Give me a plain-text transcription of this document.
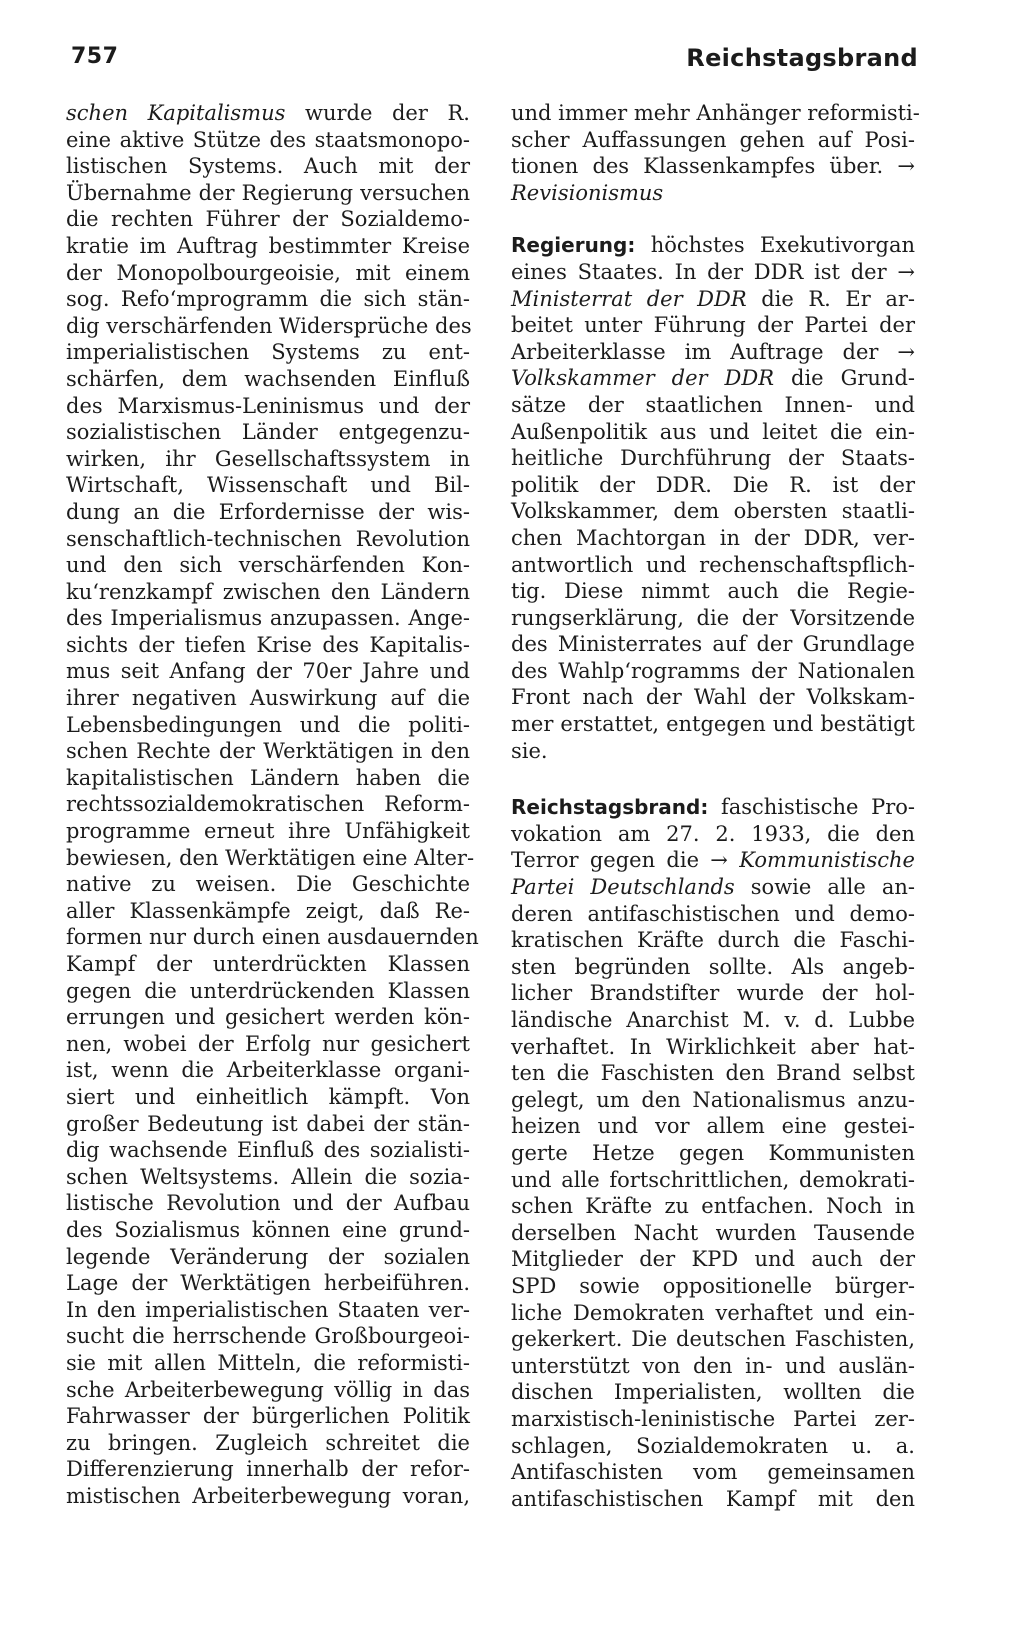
757	Reichstagsbrand
schen Kapitalismus wurde der R.
eine aktive Stütze des staatsmonopo-
listischen Systems. Auch mit der
Übernahme der Regierung versuchen
die rechten Führer der Sozialdemo-
kratie im Auftrag bestimmter Kreise
der Monopolbourgeoisie, mit einem
sog. Refoʻmprogramm die sich stän-
dig verschärfenden Widersprüche des
imperialistischen Systems zu ent-
schärfen, dem wachsenden Einfluß
des Marxismus-Leninismus und der
sozialistischen Länder entgegenzu-
wirken, ihr Gesellschaftssystem in
Wirtschaft, Wissenschaft und Bil-
dung an die Erfordernisse der wis-
senschaftlich-technischen Revolution
und den sich verschärfenden Kon-
kuʻrenzkampf zwischen den Ländern
des Imperialismus anzupassen. Ange-
sichts der tiefen Krise des Kapitalis-
mus seit Anfang der 70er Jahre und
ihrer negativen Auswirkung auf die
Lebensbedingungen und die politi-
schen Rechte der Werktätigen in den
kapitalistischen Ländern haben die
rechtssozialdemokratischen Reform-
programme erneut ihre Unfähigkeit
bewiesen, den Werktätigen eine Alter-
native zu weisen. Die Geschichte
aller Klassenkämpfe zeigt, daß Re-
formen nur durch einen ausdauernden
Kampf der unterdrückten Klassen
gegen die unterdrückenden Klassen
errungen und gesichert werden kön-
nen, wobei der Erfolg nur gesichert
ist, wenn die Arbeiterklasse organi-
siert und einheitlich kämpft. Von
großer Bedeutung ist dabei der stän-
dig wachsende Einfluß des sozialisti-
schen Weltsystems. Allein die sozia-
listische Revolution und der Aufbau
des Sozialismus können eine grund-
legende Veränderung der sozialen
Lage der Werktätigen herbeiführen.
In den imperialistischen Staaten ver-
sucht die herrschende Großbourgeoi-
sie mit allen Mitteln, die reformisti-
sche Arbeiterbewegung völlig in das
Fahrwasser der bürgerlichen Politik
zu bringen. Zugleich schreitet die
Differenzierung innerhalb der refor-
mistischen Arbeiterbewegung voran,
und immer mehr Anhänger reformisti-
scher Auffassungen gehen auf Posi-
tionen des Klassenkampfes über. →
Revisionismus
Regierung: höchstes Exekutivorgan
eines Staates. In der DDR ist der →
Ministerrat der DDR die R. Er ar-
beitet unter Führung der Partei der
Arbeiterklasse im Auftrage der →
Volkskammer der DDR die Grund-
sätze der staatlichen Innen- und
Außenpolitik aus und leitet die ein-
heitliche Durchführung der Staats-
politik der DDR. Die R. ist der
Volkskammer, dem obersten staatli-
chen Machtorgan in der DDR, ver-
antwortlich und rechenschaftspflich-
tig. Diese nimmt auch die Regie-
rungserklärung, die der Vorsitzende
des Ministerrates auf der Grundlage
des Wahlpʻrogramms der Nationalen
Front nach der Wahl der Volkskam-
mer erstattet, entgegen und bestätigt
sie.
Reichstagsbrand: faschistische Pro-
vokation am 27. 2. 1933, die den
Terror gegen die → Kommunistische
Partei Deutschlands sowie alle an-
deren antifaschistischen und demo-
kratischen Kräfte durch die Faschi-
sten begründen sollte. Als angeb-
licher Brandstifter wurde der hol-
ländische Anarchist M. v. d. Lubbe
verhaftet. In Wirklichkeit aber hat-
ten die Faschisten den Brand selbst
gelegt, um den Nationalismus anzu-
heizen und vor allem eine gestei-
gerte Hetze gegen Kommunisten
und alle fortschrittlichen, demokrati-
schen Kräfte zu entfachen. Noch in
derselben Nacht wurden Tausende
Mitglieder der KPD und auch der
SPD sowie oppositionelle bürger-
liche Demokraten verhaftet und ein-
gekerkert. Die deutschen Faschisten,
unterstützt von den in- und auslän-
dischen Imperialisten, wollten die
marxistisch-leninistische Partei zer-
schlagen, Sozialdemokraten u. a.
Antifaschisten vom gemeinsamen
antifaschistischen Kampf mit den
